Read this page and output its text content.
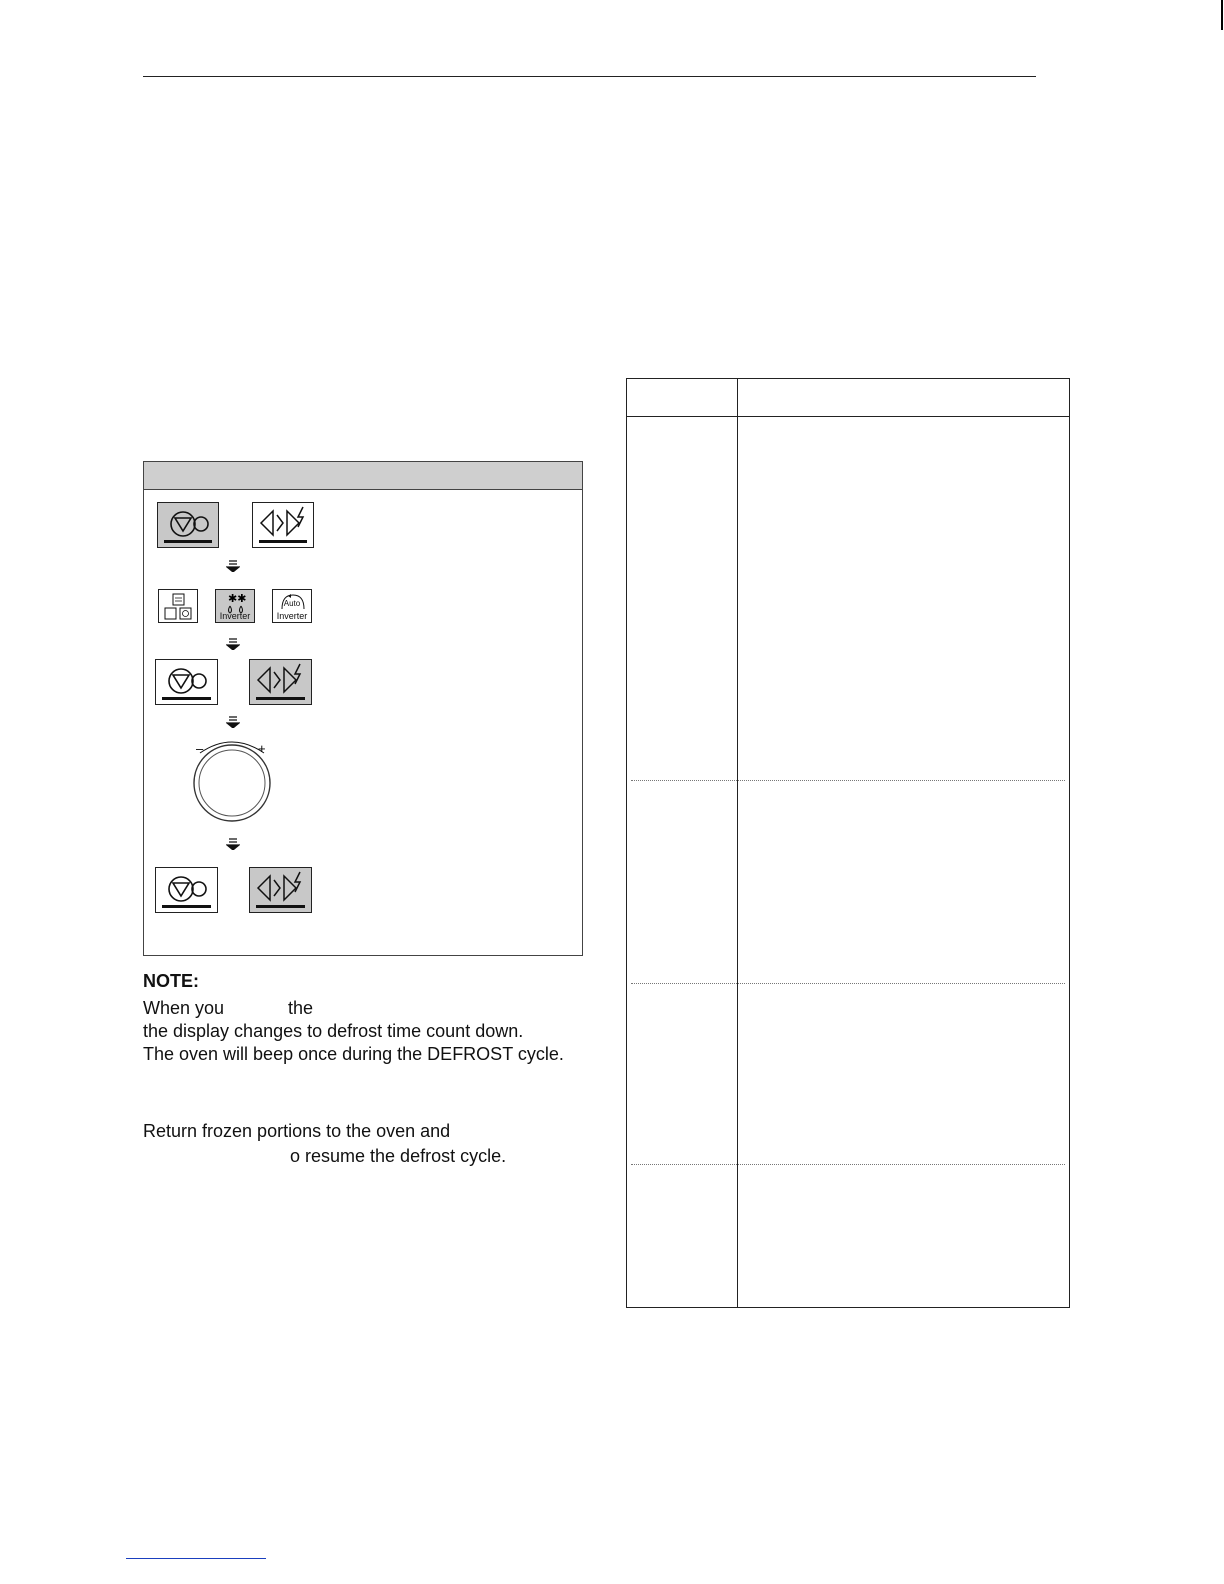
✱✱
Inverter
Auto
Inverter
–	+
NOTE:
When you	the
the display changes to defrost time count down.
The oven will beep once during the DEFROST cycle.
Return frozen portions to the oven and
o resume the defrost cycle.
